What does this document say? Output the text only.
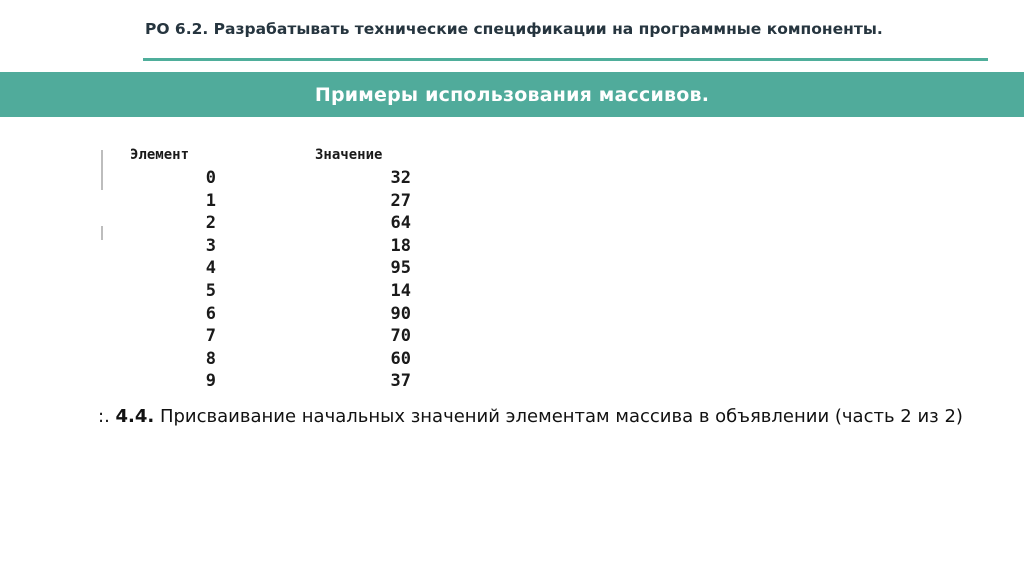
РО 6.2. Разрабатывать технические спецификации на программные компоненты.
Примеры использования массивов.
Элемент	Значение
0	32
1	27
2	64
3	18
4	95
5	14
6	90
7	70
8	60
9	37
:. 4.4. Присваивание начальных значений элементам массива в объявлении (часть 2 из 2)
